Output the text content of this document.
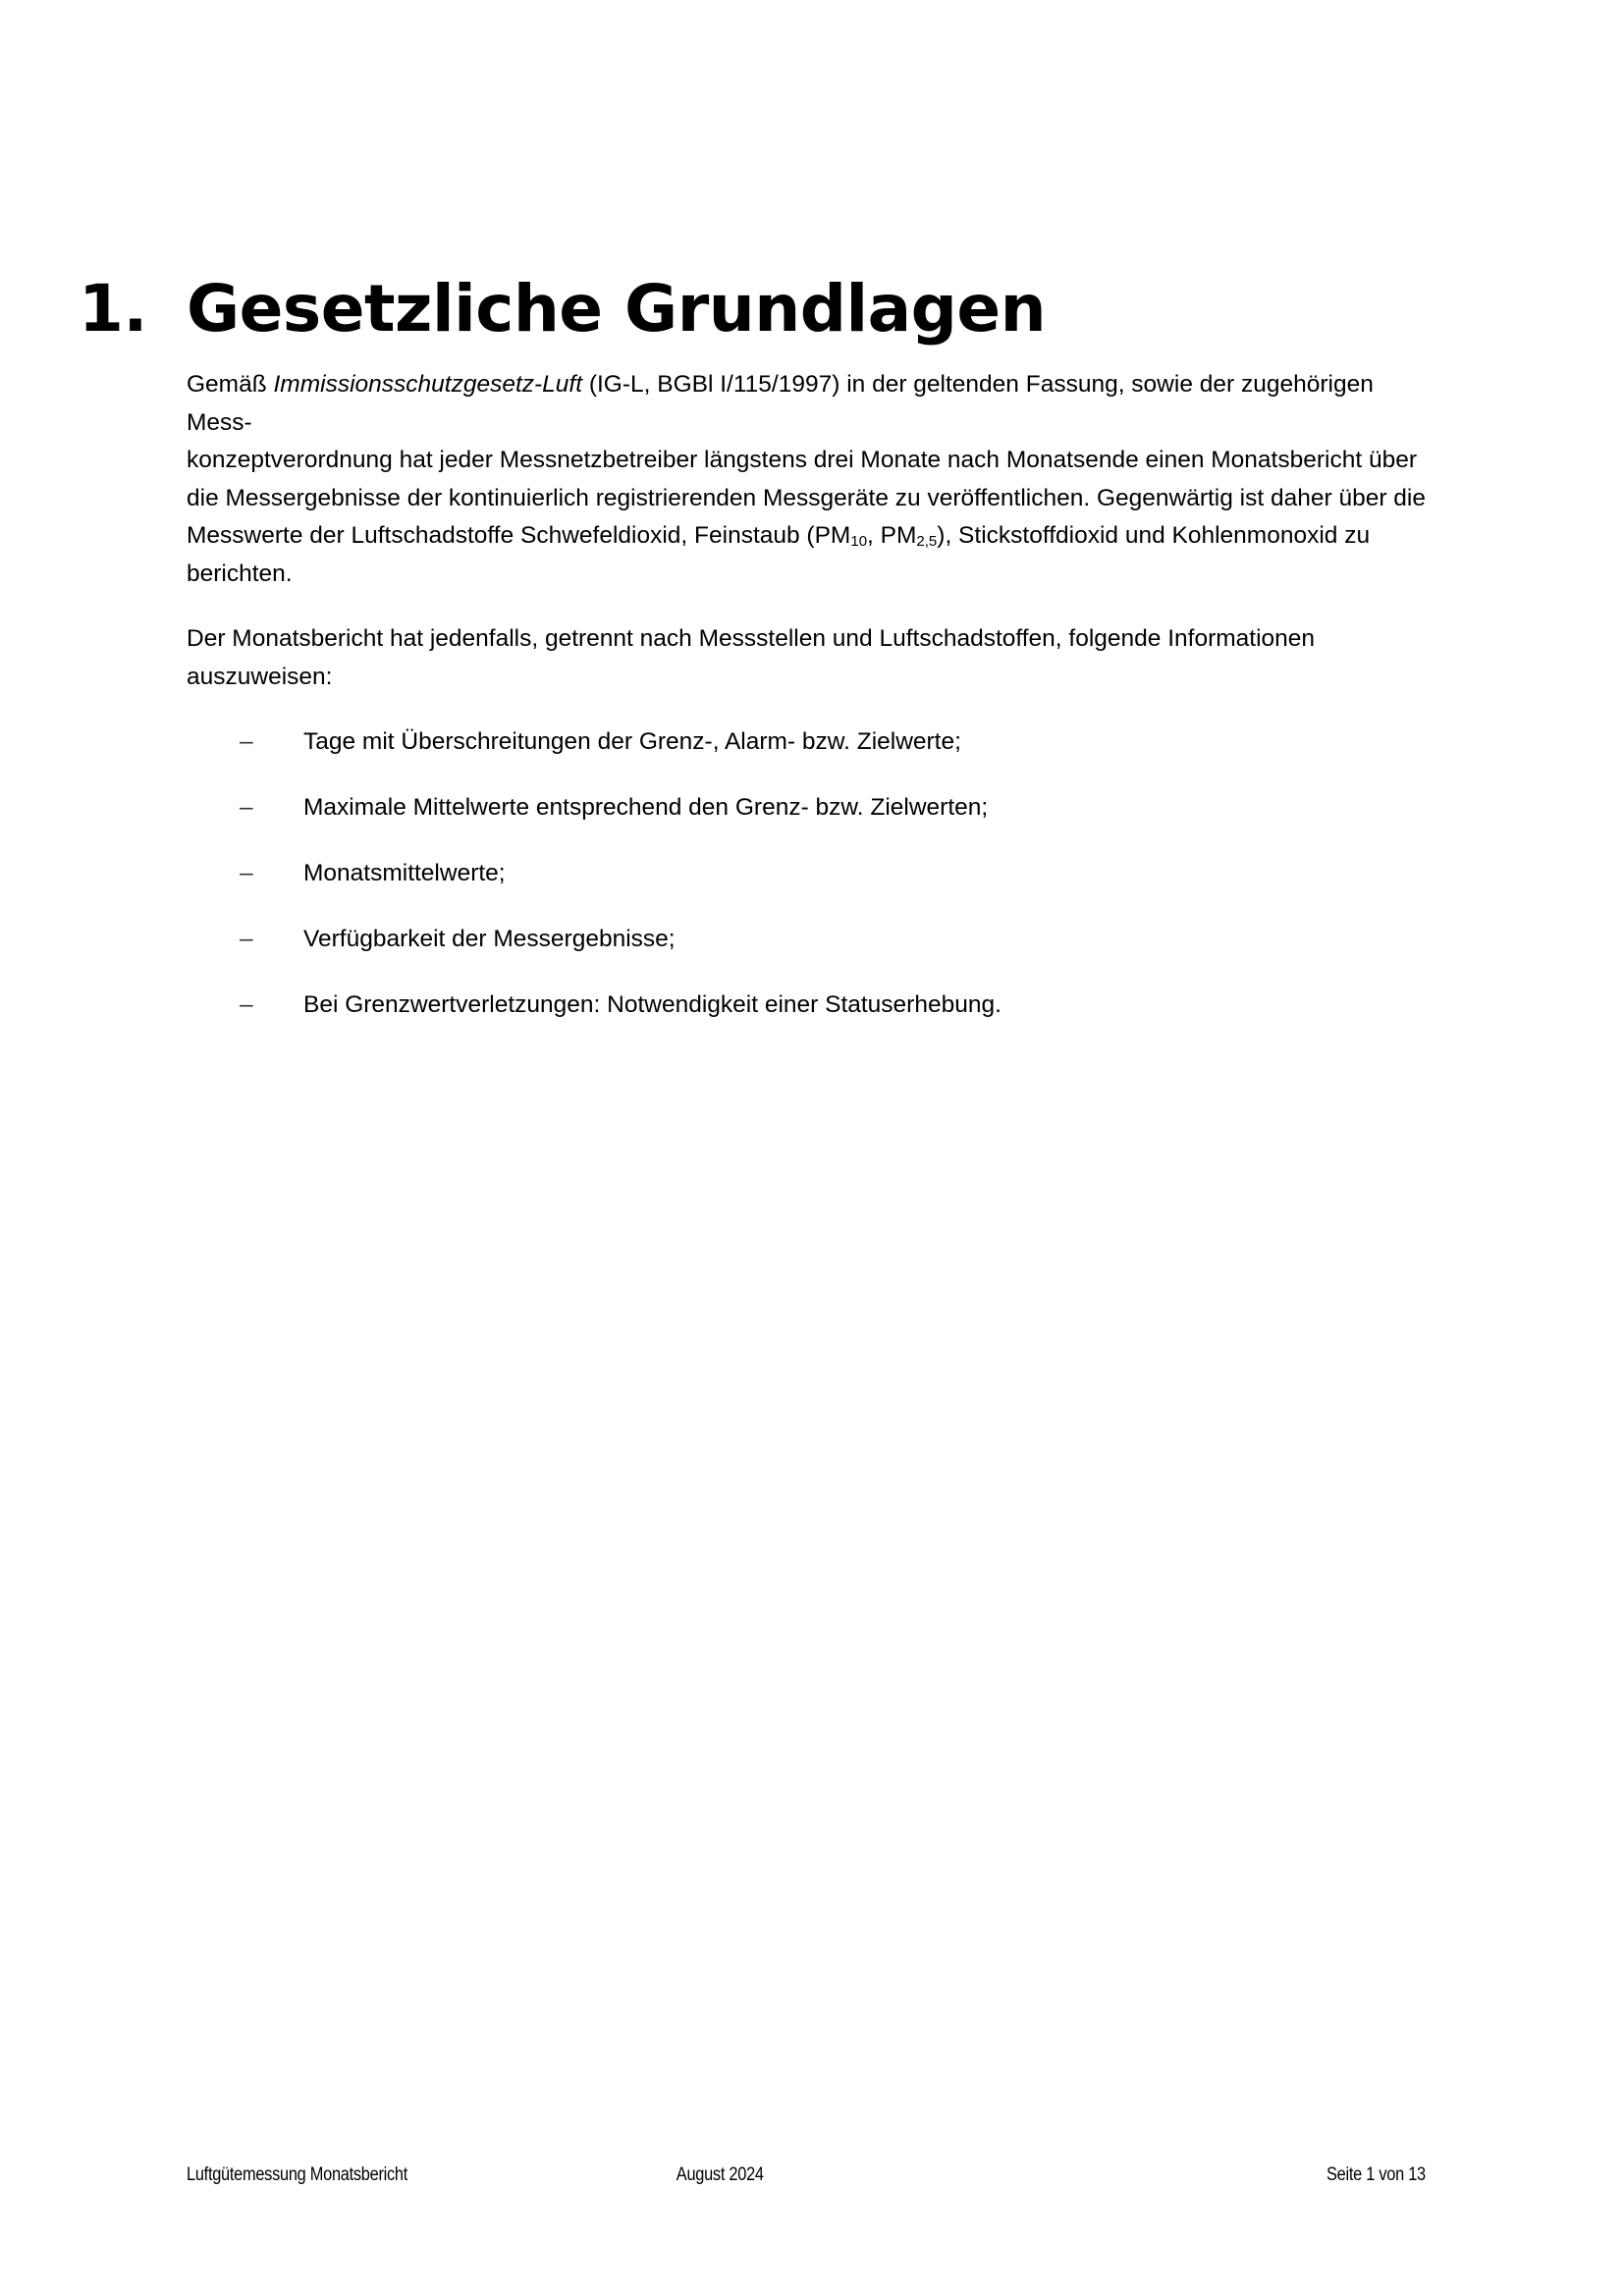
1. Gesetzliche Grundlagen

Gemäß Immissionsschutzgesetz-Luft (IG-L, BGBl I/115/1997) in der geltenden Fassung, sowie der zugehörigen Mess-
konzeptverordnung hat jeder Messnetzbetreiber längstens drei Monate nach Monatsende einen Monatsbericht über
die Messergebnisse der kontinuierlich registrierenden Messgeräte zu veröffentlichen. Gegenwärtig ist daher über die
Messwerte der Luftschadstoffe Schwefeldioxid, Feinstaub ($PM_{10}$, $PM_{2,5}$), Stickstoffdioxid und Kohlenmonoxid zu
berichten.

Der Monatsbericht hat jedenfalls, getrennt nach Messstellen und Luftschadstoffen, folgende Informationen
auszuweisen:

– Tage mit Überschreitungen der Grenz-, Alarm- bzw. Zielwerte;
– Maximale Mittelwerte entsprechend den Grenz- bzw. Zielwerten;
– Monatsmittelwerte;
– Verfügbarkeit der Messergebnisse;
– Bei Grenzwertverletzungen: Notwendigkeit einer Statuserhebung.
Luftgütemessung Monatsbericht	August 2024	Seite 1 von 13
